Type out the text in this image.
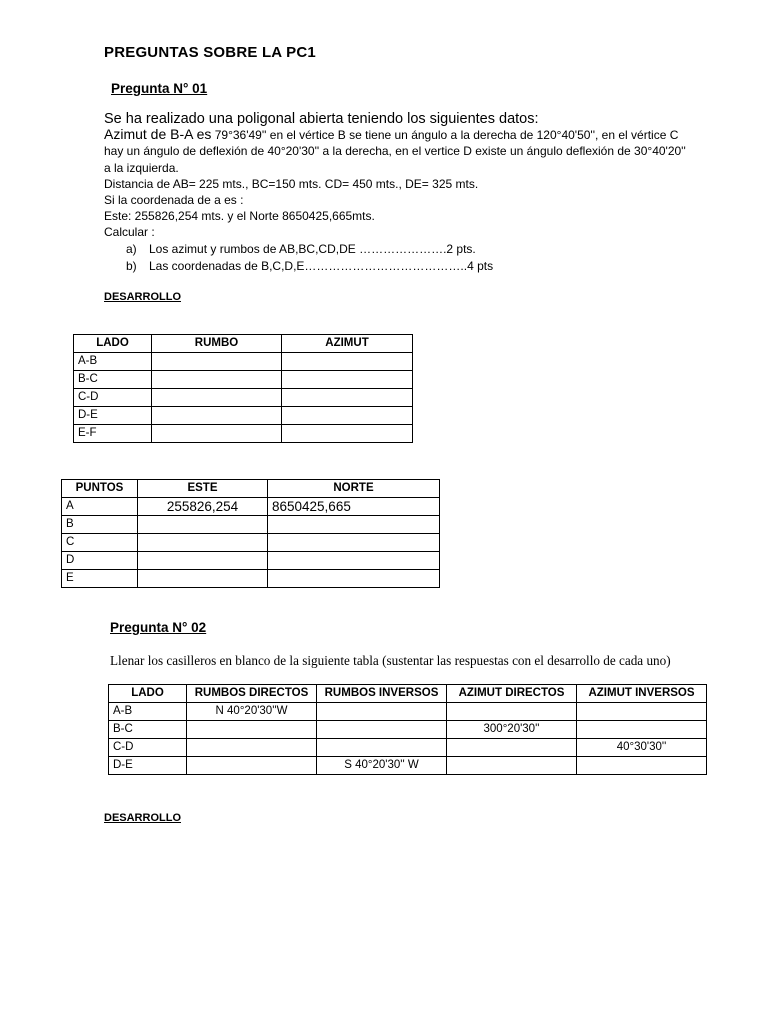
PREGUNTAS SOBRE LA PC1
Pregunta N° 01
Se ha realizado una poligonal abierta teniendo los siguientes datos:
Azimut de B-A es 79°36'49'' en el vértice B se tiene un ángulo a la derecha de 120°40'50'', en el vértice C
hay un ángulo de deflexión de 40°20'30'' a la derecha, en el vertice D existe un ángulo deflexión de 30°40'20''
a la izquierda.
Distancia de AB= 225 mts., BC=150 mts. CD= 450 mts., DE= 325 mts.
Si la coordenada de a es :
Este: 255826,254 mts. y el Norte 8650425,665mts.
Calcular :
a) Los azimut y rumbos de AB,BC,CD,DE ………………….2 pts.
b) Las coordenadas de B,C,D,E…………………………………..4 pts
DESARROLLO
LADO	RUMBO	AZIMUT
A-B		
B-C		
C-D		
D-E		
E-F		
PUNTOS	ESTE	NORTE
A	255826,254	8650425,665
B		
C		
D		
E		
Pregunta N° 02
Llenar los casilleros en blanco de la siguiente tabla (sustentar las respuestas con el desarrollo de cada uno)
LADO	RUMBOS DIRECTOS	RUMBOS INVERSOS	AZIMUT DIRECTOS	AZIMUT INVERSOS
A-B	N 40°20'30''W			
B-C			300°20'30''	
C-D				40°30'30''
D-E		S 40°20'30'' W		
DESARROLLO
